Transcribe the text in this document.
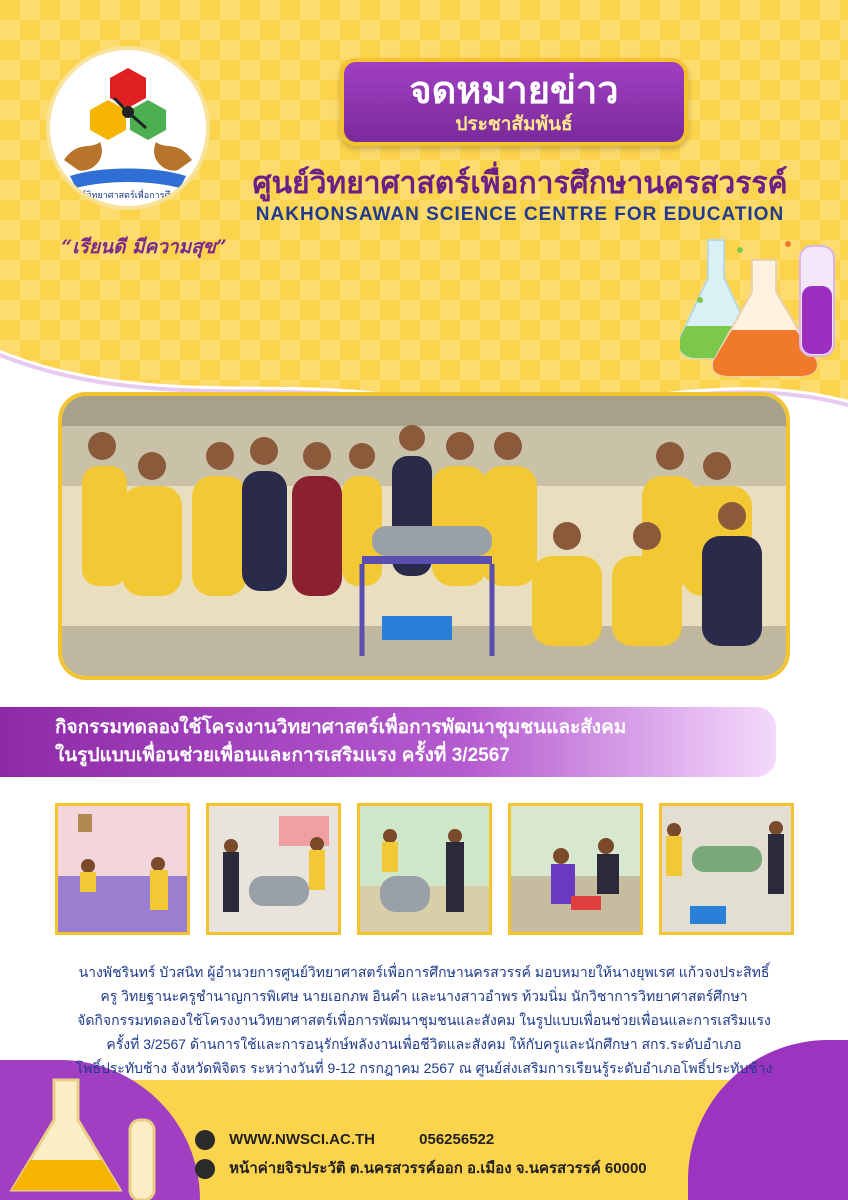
ศูนย์วิทยาศาสตร์เพื่อการศึกษา
“เรียนดี มีความสุข”
จดหมายข่าว
ประชาสัมพันธ์
ศูนย์วิทยาศาสตร์เพื่อการศึกษานครสวรรค์
NAKHONSAWAN SCIENCE CENTRE FOR EDUCATION
กิจกรรมทดลองใช้โครงงานวิทยาศาสตร์เพื่อการพัฒนาชุมชนและสังคม
ในรูปแบบเพื่อนช่วยเพื่อนและการเสริมแรง ครั้งที่ 3/2567
นางพัชรินทร์ บัวสนิท ผู้อำนวยการศูนย์วิทยาศาสตร์เพื่อการศึกษานครสวรรค์ มอบหมายให้นางยุพเรศ แก้วจงประสิทธิ์
ครู วิทยฐานะครูชำนาญการพิเศษ นายเอกภพ อินคำ และนางสาวอำพร ท้วมนิ่ม นักวิชาการวิทยาศาสตร์ศึกษา
จัดกิจกรรมทดลองใช้โครงงานวิทยาศาสตร์เพื่อการพัฒนาชุมชนและสังคม ในรูปแบบเพื่อนช่วยเพื่อนและการเสริมแรง
ครั้งที่ 3/2567 ด้านการใช้และการอนุรักษ์พลังงานเพื่อชีวิตและสังคม ให้กับครูและนักศึกษา สกร.ระดับอำเภอ
โพธิ์ประทับช้าง จังหวัดพิจิตร ระหว่างวันที่ 9-12 กรกฎาคม 2567 ณ ศูนย์ส่งเสริมการเรียนรู้ระดับอำเภอโพธิ์ประทับช้าง
WWW.NWSCI.AC.TH	056256522
หน้าค่ายจิรประวัติ ต.นครสวรรค์ออก อ.เมือง จ.นครสวรรค์ 60000
